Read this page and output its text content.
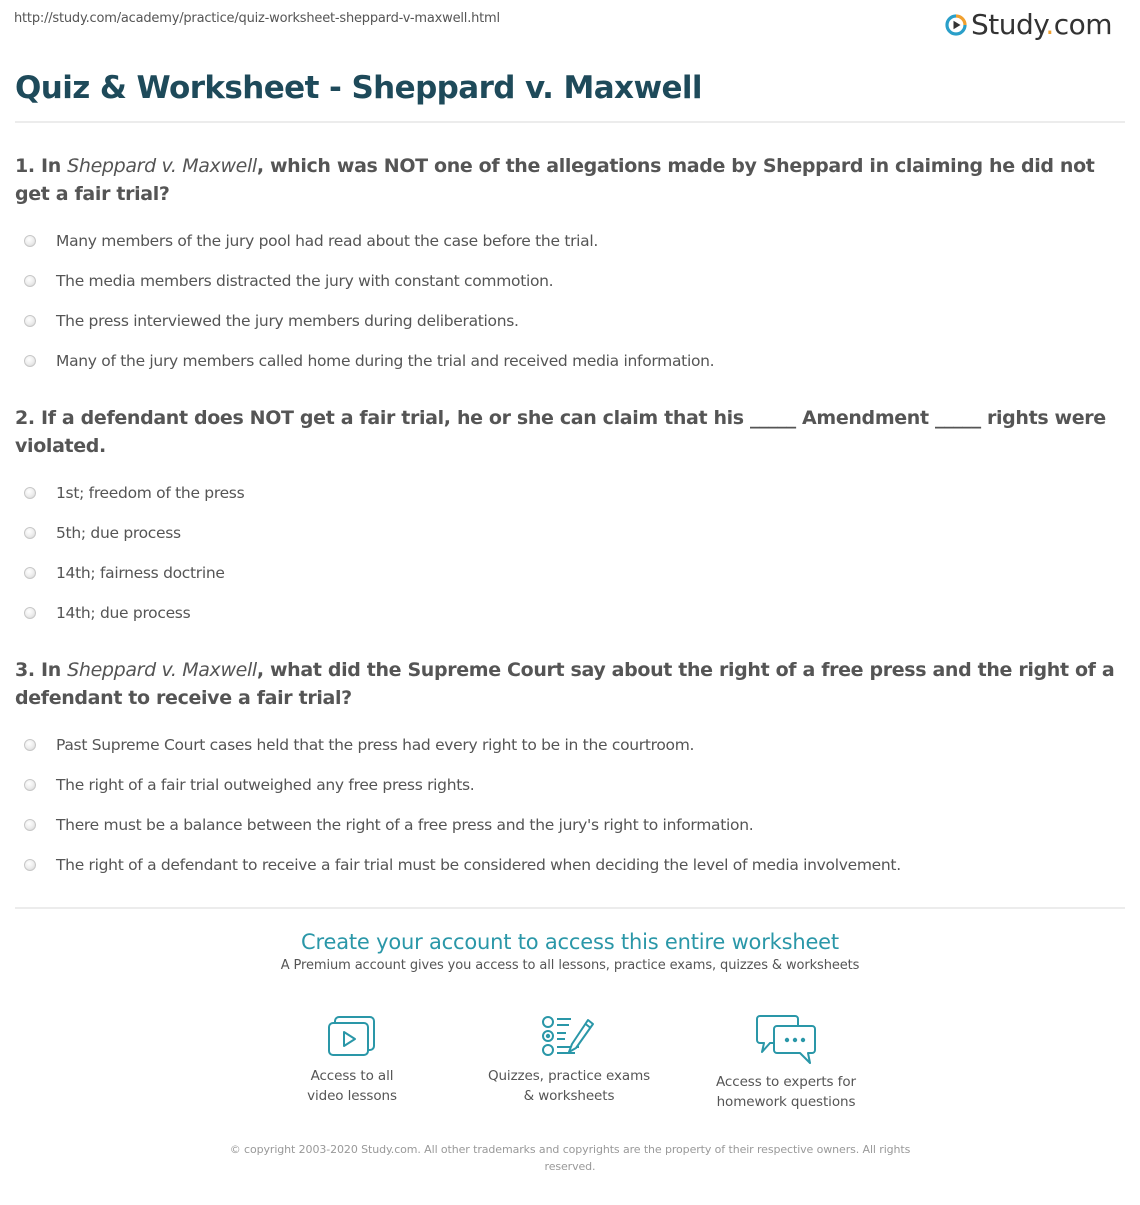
http://study.com/academy/practice/quiz-worksheet-sheppard-v-maxwell.html	Study.com
Quiz & Worksheet - Sheppard v. Maxwell
1. In Sheppard v. Maxwell, which was NOT one of the allegations made by Sheppard in claiming he did not get a fair trial?
Many members of the jury pool had read about the case before the trial.
The media members distracted the jury with constant commotion.
The press interviewed the jury members during deliberations.
Many of the jury members called home during the trial and received media information.
2. If a defendant does NOT get a fair trial, he or she can claim that his _____ Amendment _____ rights were violated.
1st; freedom of the press
5th; due process
14th; fairness doctrine
14th; due process
3. In Sheppard v. Maxwell, what did the Supreme Court say about the right of a free press and the right of a defendant to receive a fair trial?
Past Supreme Court cases held that the press had every right to be in the courtroom.
The right of a fair trial outweighed any free press rights.
There must be a balance between the right of a free press and the jury's right to information.
The right of a defendant to receive a fair trial must be considered when deciding the level of media involvement.
Create your account to access this entire worksheet
A Premium account gives you access to all lessons, practice exams, quizzes & worksheets
Access to all
video lessons
Quizzes, practice exams
& worksheets
Access to experts for
homework questions
© copyright 2003-2020 Study.com. All other trademarks and copyrights are the property of their respective owners. All rights reserved.
